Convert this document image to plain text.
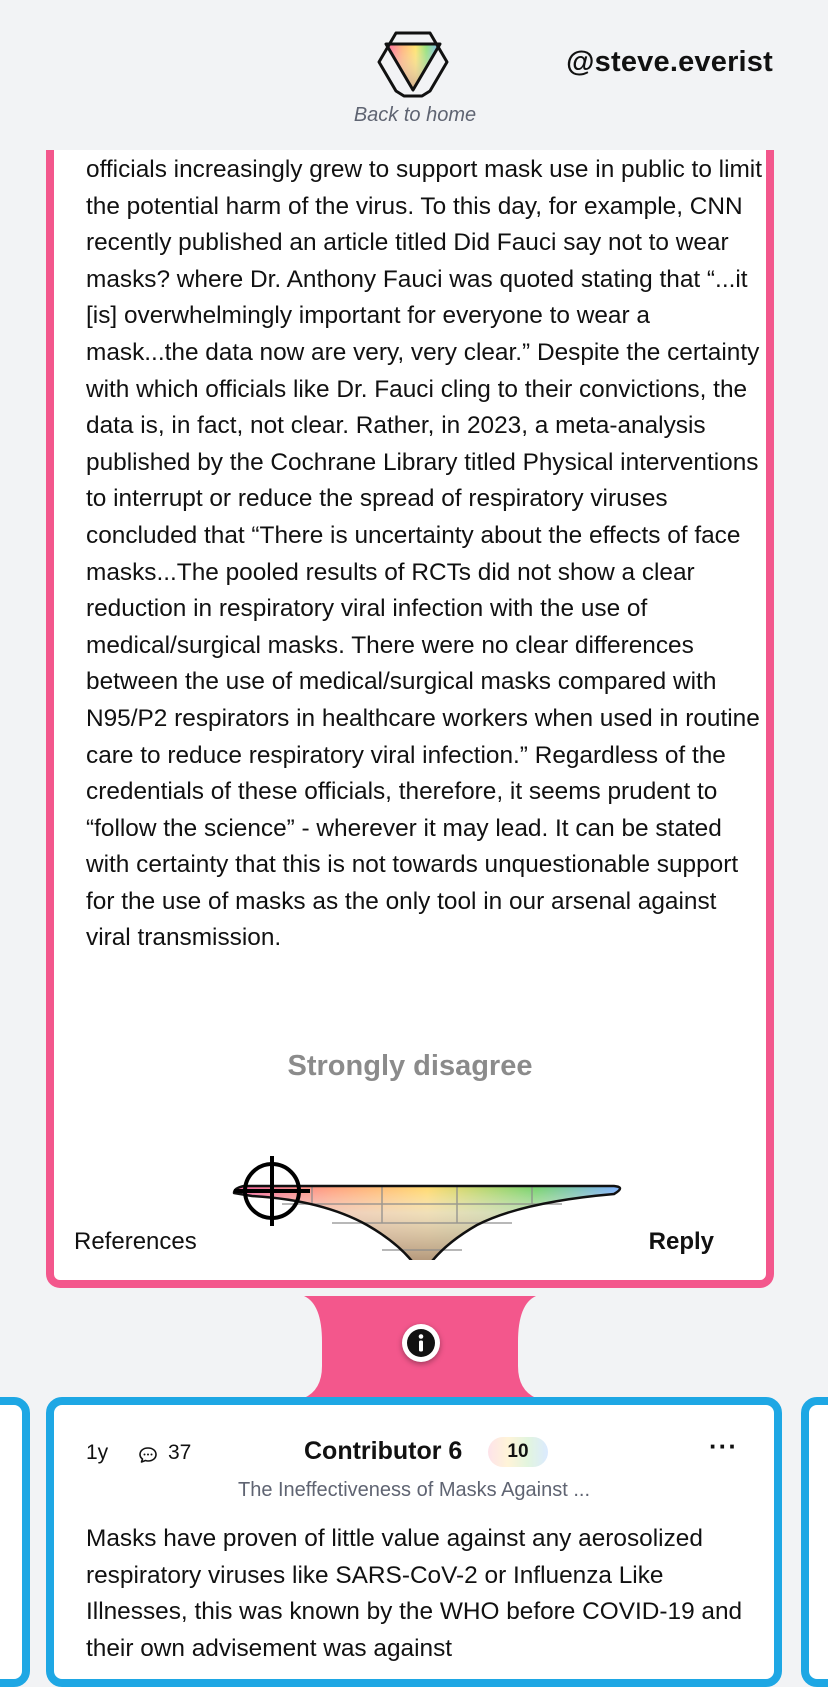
Back to home
@steve.everist

officials increasingly grew to support mask use in public to limit the potential harm of the virus. To this day, for example, CNN recently published an article titled Did Fauci say not to wear masks? where Dr. Anthony Fauci was quoted stating that “...it [is] overwhelmingly important for everyone to wear a mask...the data now are very, very clear.” Despite the certainty with which officials like Dr. Fauci cling to their convictions, the data is, in fact, not clear. Rather, in 2023, a meta-analysis published by the Cochrane Library titled Physical interventions to interrupt or reduce the spread of respiratory viruses concluded that “There is uncertainty about the effects of face masks...The pooled results of RCTs did not show a clear reduction in respiratory viral infection with the use of medical/surgical masks. There were no clear differences between the use of medical/surgical masks compared with N95/P2 respirators in healthcare workers when used in routine care to reduce respiratory viral infection.” Regardless of the credentials of these officials, therefore, it seems prudent to “follow the science” - wherever it may lead. It can be stated with certainty that this is not towards unquestionable support for the use of masks as the only tool in our arsenal against viral transmission.

Strongly disagree
References	Reply
1y	37	Contributor 6	10	···
The Ineffectiveness of Masks Against ...

Masks have proven of little value against any aerosolized respiratory viruses like SARS-CoV-2 or Influenza Like Illnesses, this was known by the WHO before COVID-19 and their own advisement was against
